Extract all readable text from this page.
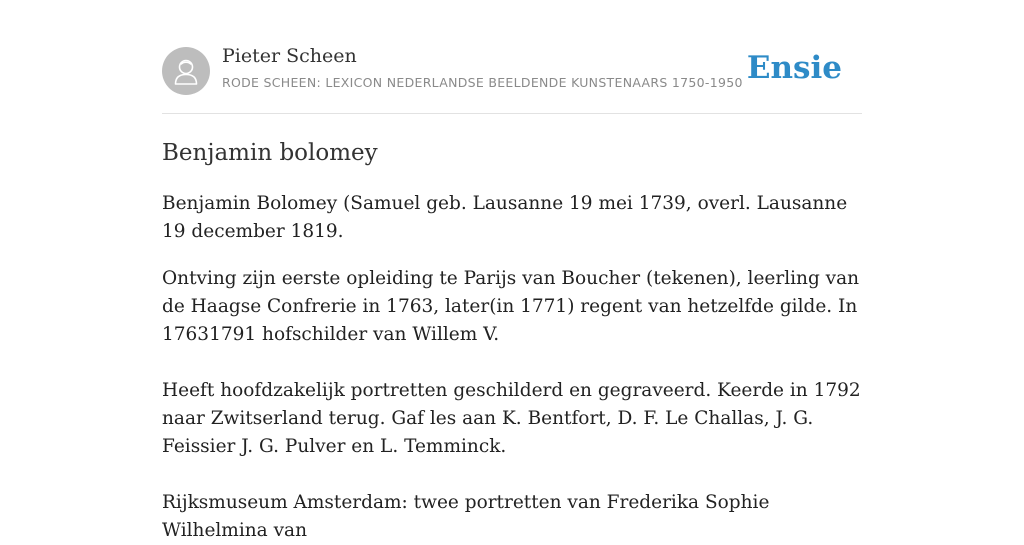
Pieter Scheen
RODE SCHEEN: LEXICON NEDERLANDSE BEELDENDE KUNSTENAARS 1750-1950 Ensie
Benjamin bolomey

Benjamin Bolomey (Samuel geb. Lausanne 19 mei 1739, overl. Lausanne 19 december 1819.

Ontving zijn eerste opleiding te Parijs van Boucher (tekenen), leerling van de Haagse Confrerie in 1763, later(in 1771) regent van hetzelfde gilde. In 17631791 hofschilder van Willem V.

Heeft hoofdzakelijk portretten geschilderd en gegraveerd. Keerde in 1792 naar Zwitserland terug. Gaf les aan K. Bentfort, D. F. Le Challas, J. G. Feissier J. G. Pulver en L. Temminck.

Rijksmuseum Amsterdam: twee portretten van Frederika Sophie Wilhelmina van
